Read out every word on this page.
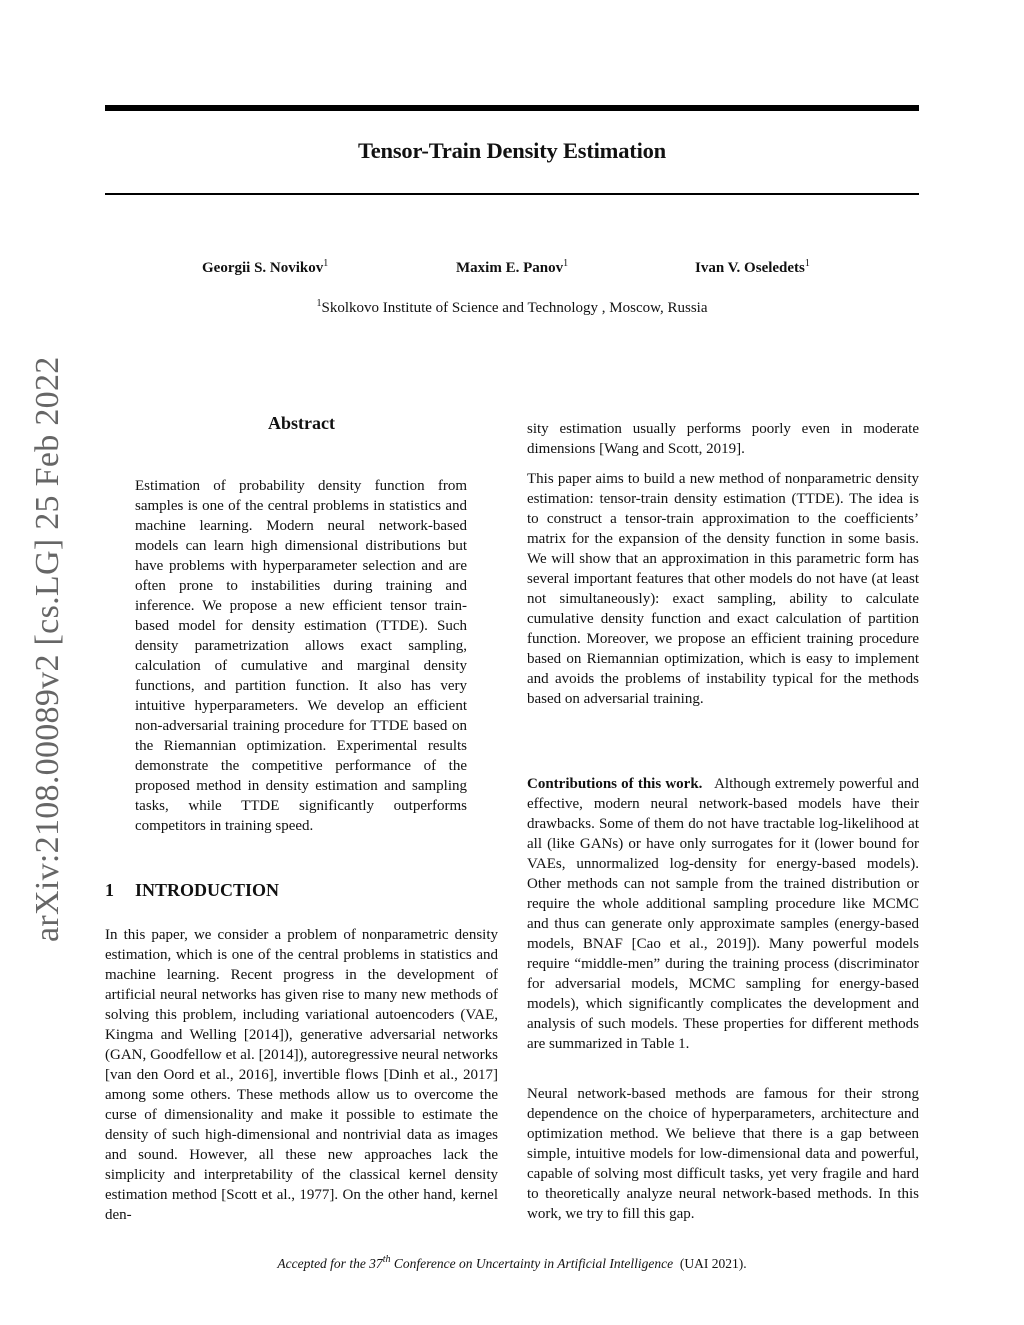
Tensor-Train Density Estimation
Georgii S. Novikov$^1$	Maxim E. Panov$^1$	Ivan V. Oseledets$^1$
$^1$Skolkovo Institute of Science and Technology , Moscow, Russia
arXiv:2108.00089v2 [cs.LG] 25 Feb 2022	Abstract

Estimation of probability density function from samples is one of the central problems in statistics and machine learning. Modern neural network-based models can learn high dimensional distributions but have problems with hyperparameter selection and are often prone to instabilities during training and inference. We propose a new efficient tensor train-based model for density estimation (TTDE). Such density parametrization allows exact sampling, calculation of cumulative and marginal density functions, and partition function. It also has very intuitive hyperparameters. We develop an efficient non-adversarial training procedure for TTDE based on the Riemannian optimization. Experimental results demonstrate the competitive performance of the proposed method in density estimation and sampling tasks, while TTDE significantly outperforms competitors in training speed.

1 INTRODUCTION

In this paper, we consider a problem of nonparametric density estimation, which is one of the central problems in statistics and machine learning. Recent progress in the development of artificial neural networks has given rise to many new methods of solving this problem, including variational autoencoders (VAE, Kingma and Welling [2014]), generative adversarial networks (GAN, Goodfellow et al. [2014]), autoregressive neural networks [van den Oord et al., 2016], invertible flows [Dinh et al., 2017] among some others. These methods allow us to overcome the curse of dimensionality and make it possible to estimate the density of such high-dimensional and nontrivial data as images and sound. However, all these new approaches lack the simplicity and interpretability of the classical kernel density estimation method [Scott et al., 1977]. On the other hand, kernel den-

sity estimation usually performs poorly even in moderate dimensions [Wang and Scott, 2019].

This paper aims to build a new method of nonparametric density estimation: tensor-train density estimation (TTDE). The idea is to construct a tensor-train approximation to the coefficients’ matrix for the expansion of the density function in some basis. We will show that an approximation in this parametric form has several important features that other models do not have (at least not simultaneously): exact sampling, ability to calculate cumulative density function and exact calculation of partition function. Moreover, we propose an efficient training procedure based on Riemannian optimization, which is easy to implement and avoids the problems of instability typical for the methods based on adversarial training.

Contributions of this work. Although extremely powerful and effective, modern neural network-based models have their drawbacks. Some of them do not have tractable log-likelihood at all (like GANs) or have only surrogates for it (lower bound for VAEs, unnormalized log-density for energy-based models). Other methods can not sample from the trained distribution or require the whole additional sampling procedure like MCMC and thus can generate only approximate samples (energy-based models, BNAF [Cao et al., 2019]). Many powerful models require “middle-men” during the training process (discriminator for adversarial models, MCMC sampling for energy-based models), which significantly complicates the development and analysis of such models. These properties for different methods are summarized in Table 1.

Neural network-based methods are famous for their strong dependence on the choice of hyperparameters, architecture and optimization method. We believe that there is a gap between simple, intuitive models for low-dimensional data and powerful, capable of solving most difficult tasks, yet very fragile and hard to theoretically analyze neural network-based methods. In this work, we try to fill this gap.

Accepted for the 37th Conference on Uncertainty in Artificial Intelligence (UAI 2021).
